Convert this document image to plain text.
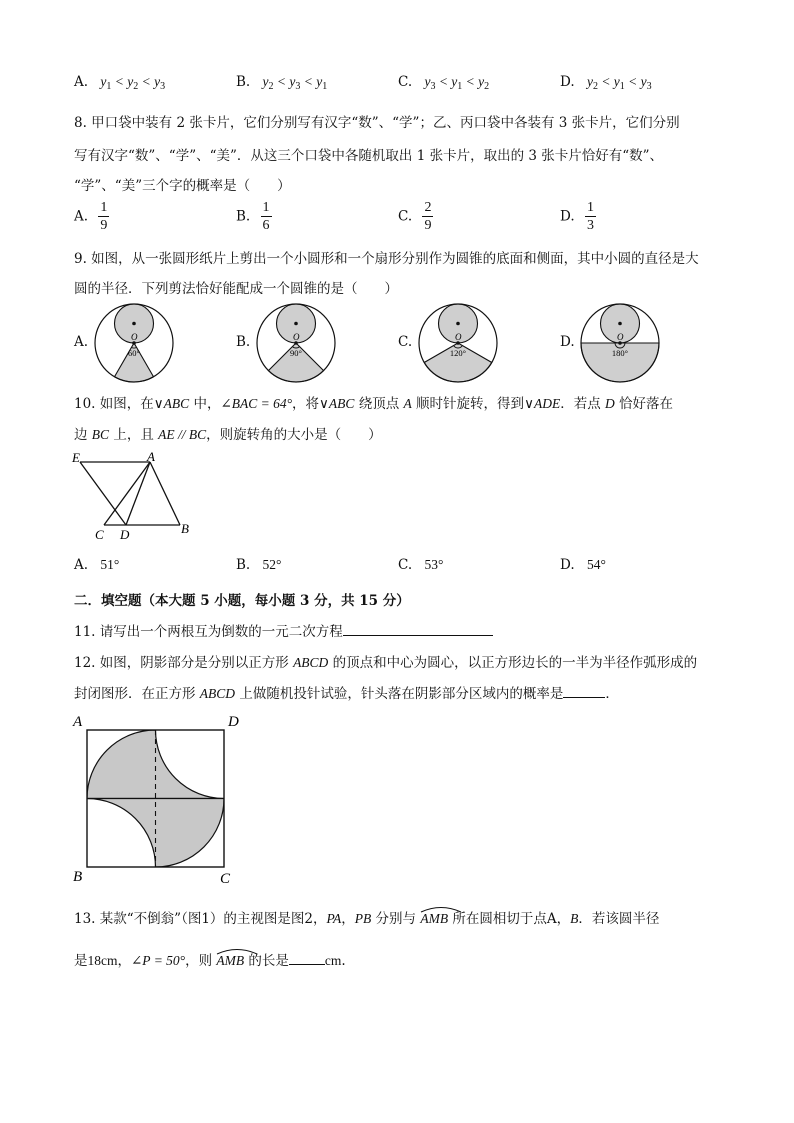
A. $y_1 < y_2 < y_3$	B. $y_2 < y_3 < y_1$	C. $y_3 < y_1 < y_2$	D. $y_2 < y_1 < y_3$
8. 甲口袋中装有 2 张卡片，它们分别写有汉字“数”、“学”；乙、丙口袋中各装有 3 张卡片，它们分别
写有汉字“数”、“学”、“美”．从这三个口袋中各随机取出 1 张卡片，取出的 3 张卡片恰好有“数”、
“学”、“美”三个字的概率是（　　）
A. $\frac{1}{9}$	B. $\frac{1}{6}$	C. $\frac{2}{9}$	D. $\frac{1}{3}$
9. 如图，从一张圆形纸片上剪出一个小圆形和一个扇形分别作为圆锥的底面和侧面，其中小圆的直径是大
圆的半径．下列剪法恰好能配成一个圆锥的是（　　）
A.	O
60°
B.	O
90°
C.	O
120°
D.	O
180°
10. 如图，在∨ABC 中，∠BAC = 64°，将∨ABC 绕顶点 A 顺时针旋转，得到∨ADE．若点 D 恰好落在
边 BC 上，且 AE // BC，则旋转角的大小是（　　）
E	A
C D	B
A. 51°	B. 52°	C. 53°	D. 54°
二．填空题（本大题 5 小题，每小题 3 分，共 15 分）
11. 请写出一个两根互为倒数的一元二次方程
12. 如图，阴影部分是分别以正方形 ABCD 的顶点和中心为圆心，以正方形边长的一半为半径作弧形成的
封闭图形．在正方形 ABCD 上做随机投针试验，针头落在阴影部分区域内的概率是	．
A	D
B	C
13. 某款“不倒翁”（图1）的主视图是图2，PA，PB 分别与
AMB 所在圆相切于点A，B．若该圆半径
是18cm，∠P = 50°，则
AMB 的长是	cm.
